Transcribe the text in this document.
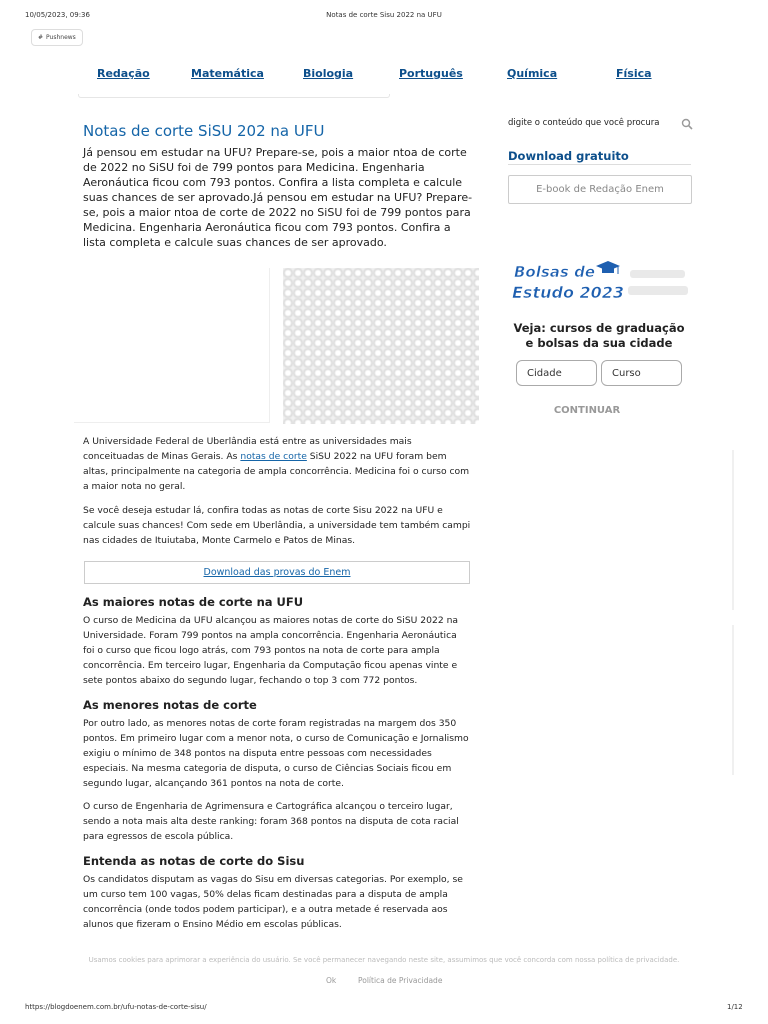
10/05/2023, 09:36	Notas de corte Sisu 2022 na UFU
# Pushnews
Redação	Matemática	Biologia	Português	Química	Física
Notas de corte SiSU 202 na UFU
Já pensou em estudar na UFU? Prepare-se, pois a maior ntoa de corte de 2022 no SiSU foi de 799 pontos para Medicina. Engenharia Aeronáutica ficou com 793 pontos. Confira a lista completa e calcule suas chances de ser aprovado.Já pensou em estudar na UFU? Prepare-se, pois a maior ntoa de corte de 2022 no SiSU foi de 799 pontos para Medicina. Engenharia Aeronáutica ficou com 793 pontos. Confira a lista completa e calcule suas chances de ser aprovado.
A Universidade Federal de Uberlândia está entre as universidades mais conceituadas de Minas Gerais. As notas de corte SiSU 2022 na UFU foram bem altas, principalmente na categoria de ampla concorrência. Medicina foi o curso com a maior nota no geral.
Se você deseja estudar lá, confira todas as notas de corte Sisu 2022 na UFU e calcule suas chances! Com sede em Uberlândia, a universidade tem também campi nas cidades de Ituiutaba, Monte Carmelo e Patos de Minas.
Download das provas do Enem
As maiores notas de corte na UFU
O curso de Medicina da UFU alcançou as maiores notas de corte do SiSU 2022 na Universidade. Foram 799 pontos na ampla concorrência. Engenharia Aeronáutica foi o curso que ficou logo atrás, com 793 pontos na nota de corte para ampla concorrência. Em terceiro lugar, Engenharia da Computação ficou apenas vinte e sete pontos abaixo do segundo lugar, fechando o top 3 com 772 pontos.
As menores notas de corte
Por outro lado, as menores notas de corte foram registradas na margem dos 350 pontos. Em primeiro lugar com a menor nota, o curso de Comunicação e Jornalismo exigiu o mínimo de 348 pontos na disputa entre pessoas com necessidades especiais. Na mesma categoria de disputa, o curso de Ciências Sociais ficou em segundo lugar, alcançando 361 pontos na nota de corte.
O curso de Engenharia de Agrimensura e Cartográfica alcançou o terceiro lugar, sendo a nota mais alta deste ranking: foram 368 pontos na disputa de cota racial para egressos de escola pública.
Entenda as notas de corte do Sisu
Os candidatos disputam as vagas do Sisu em diversas categorias. Por exemplo, se um curso tem 100 vagas, 50% delas ficam destinadas para a disputa de ampla concorrência (onde todos podem participar), e a outra metade é reservada aos alunos que fizeram o Ensino Médio em escolas públicas.
digite o conteúdo que você procura
Download gratuito
E-book de Redação Enem
Bolsas de
Estudo 2023
Veja: cursos de graduação e bolsas da sua cidade
Cidade	Curso
CONTINUAR
Usamos cookies para aprimorar a experiência do usuário. Se você permanecer navegando neste site, assumimos que você concorda com nossa política de privacidade.
Ok	Política de Privacidade
https://blogdoenem.com.br/ufu-notas-de-corte-sisu/	1/12
